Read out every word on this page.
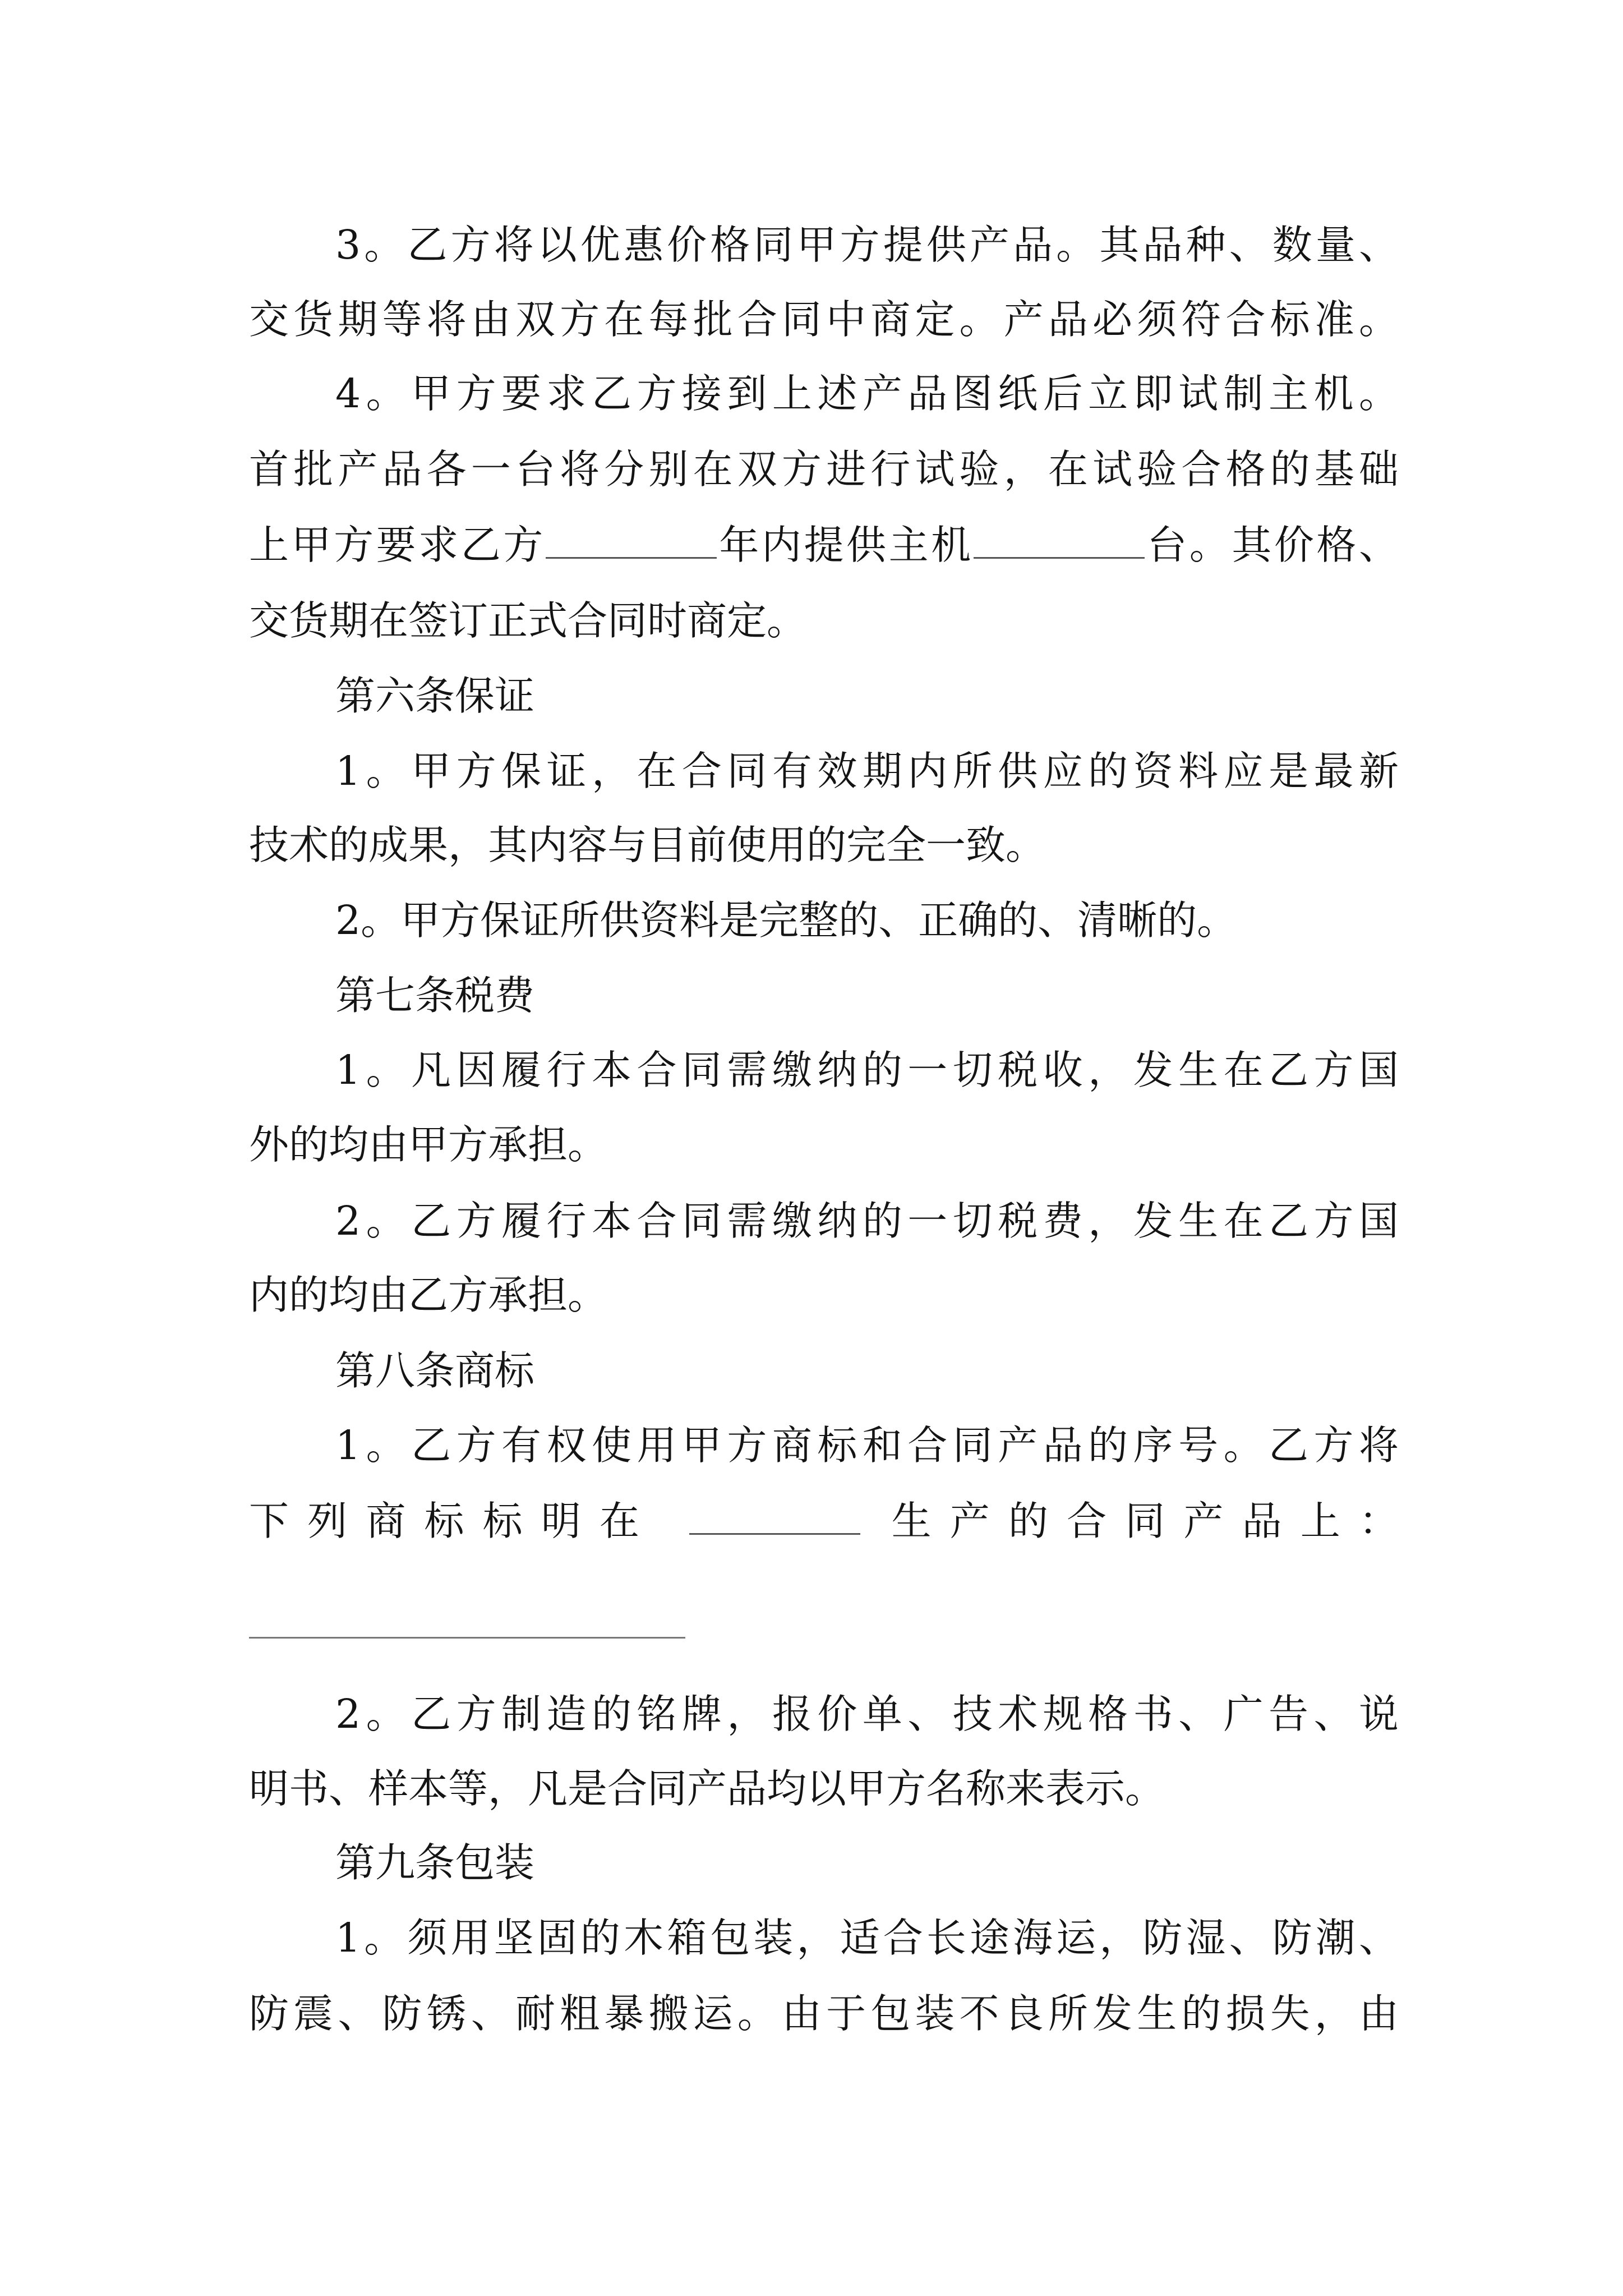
3。乙方将以优惠价格同甲方提供产品。其品种、数量、
交货期等将由双方在每批合同中商定。产品必须符合标准。
4。甲方要求乙方接到上述产品图纸后立即试制主机。
首批产品各一台将分别在双方进行试验，在试验合格的基础
上甲方要求乙方	年内提供主机	台。其价格、
交货期在签订正式合同时商定。
第六条保证
1。甲方保证，在合同有效期内所供应的资料应是最新
技术的成果，其内容与目前使用的完全一致。
2。甲方保证所供资料是完整的、正确的、清晰的。
第七条税费
1。凡因履行本合同需缴纳的一切税收，发生在乙方国
外的均由甲方承担。
2。乙方履行本合同需缴纳的一切税费，发生在乙方国
内的均由乙方承担。
第八条商标
1。乙方有权使用甲方商标和合同产品的序号。乙方将
下列商标标明在	生产的合同产品上：
2。乙方制造的铭牌，报价单、技术规格书、广告、说
明书、样本等，凡是合同产品均以甲方名称来表示。
第九条包装
1。须用坚固的木箱包装，适合长途海运，防湿、防潮、
防震、防锈、耐粗暴搬运。由于包装不良所发生的损失，由
